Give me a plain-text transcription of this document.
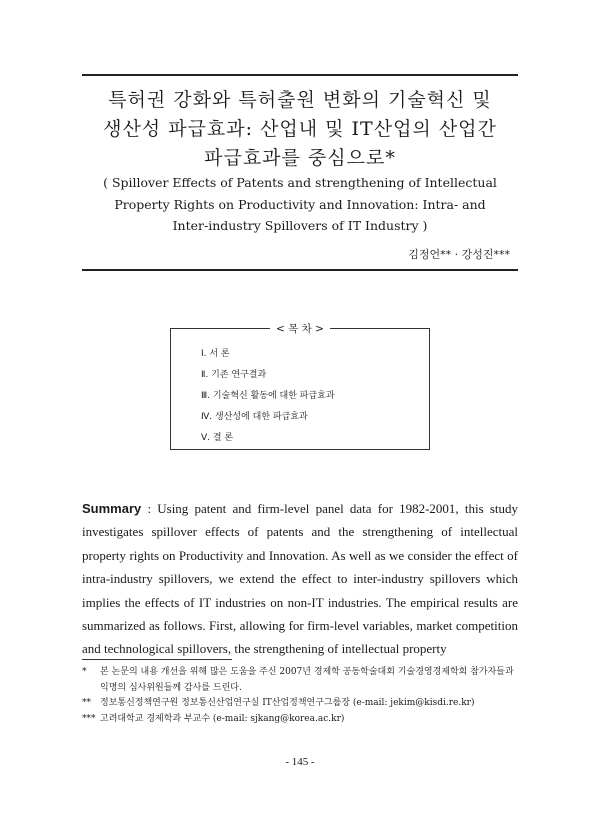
특허권 강화와 특허출원 변화의 기술혁신 및
생산성 파급효과: 산업내 및 IT산업의 산업간
파급효과를 중심으로*
( Spillover Effects of Patents and strengthening of Intellectual
Property Rights on Productivity and Innovation: Intra- and
Inter-industry Spillovers of IT Industry )
김정언** · 강성진***
< 목 차 >
Ⅰ. 서 론
Ⅱ. 기존 연구결과
Ⅲ. 기술혁신 활동에 대한 파급효과
Ⅳ. 생산성에 대한 파급효과
Ⅴ. 결 론
Summary : Using patent and firm-level panel data for 1982-2001, this study investigates spillover effects of patents and the strengthening of intellectual property rights on Productivity and Innovation. As well as we consider the effect of intra-industry spillovers, we extend the effect to inter-industry spillovers which implies the effects of IT industries on non-IT industries. The empirical results are summarized as follows. First, allowing for firm-level variables, market competition and technological spillovers, the strengthening of intellectual property
* 본 논문의 내용 개선을 위해 많은 도움을 주신 2007년 경제학 공동학술대회 기술경영경제학회 참가자들과 익명의 심사위원들께 감사를 드린다.
** 정보통신정책연구원 정보통신산업연구실 IT산업정책연구그룹장 (e-mail: jekim@kisdi.re.kr)
*** 고려대학교 경제학과 부교수 (e-mail: sjkang@korea.ac.kr)
- 145 -
